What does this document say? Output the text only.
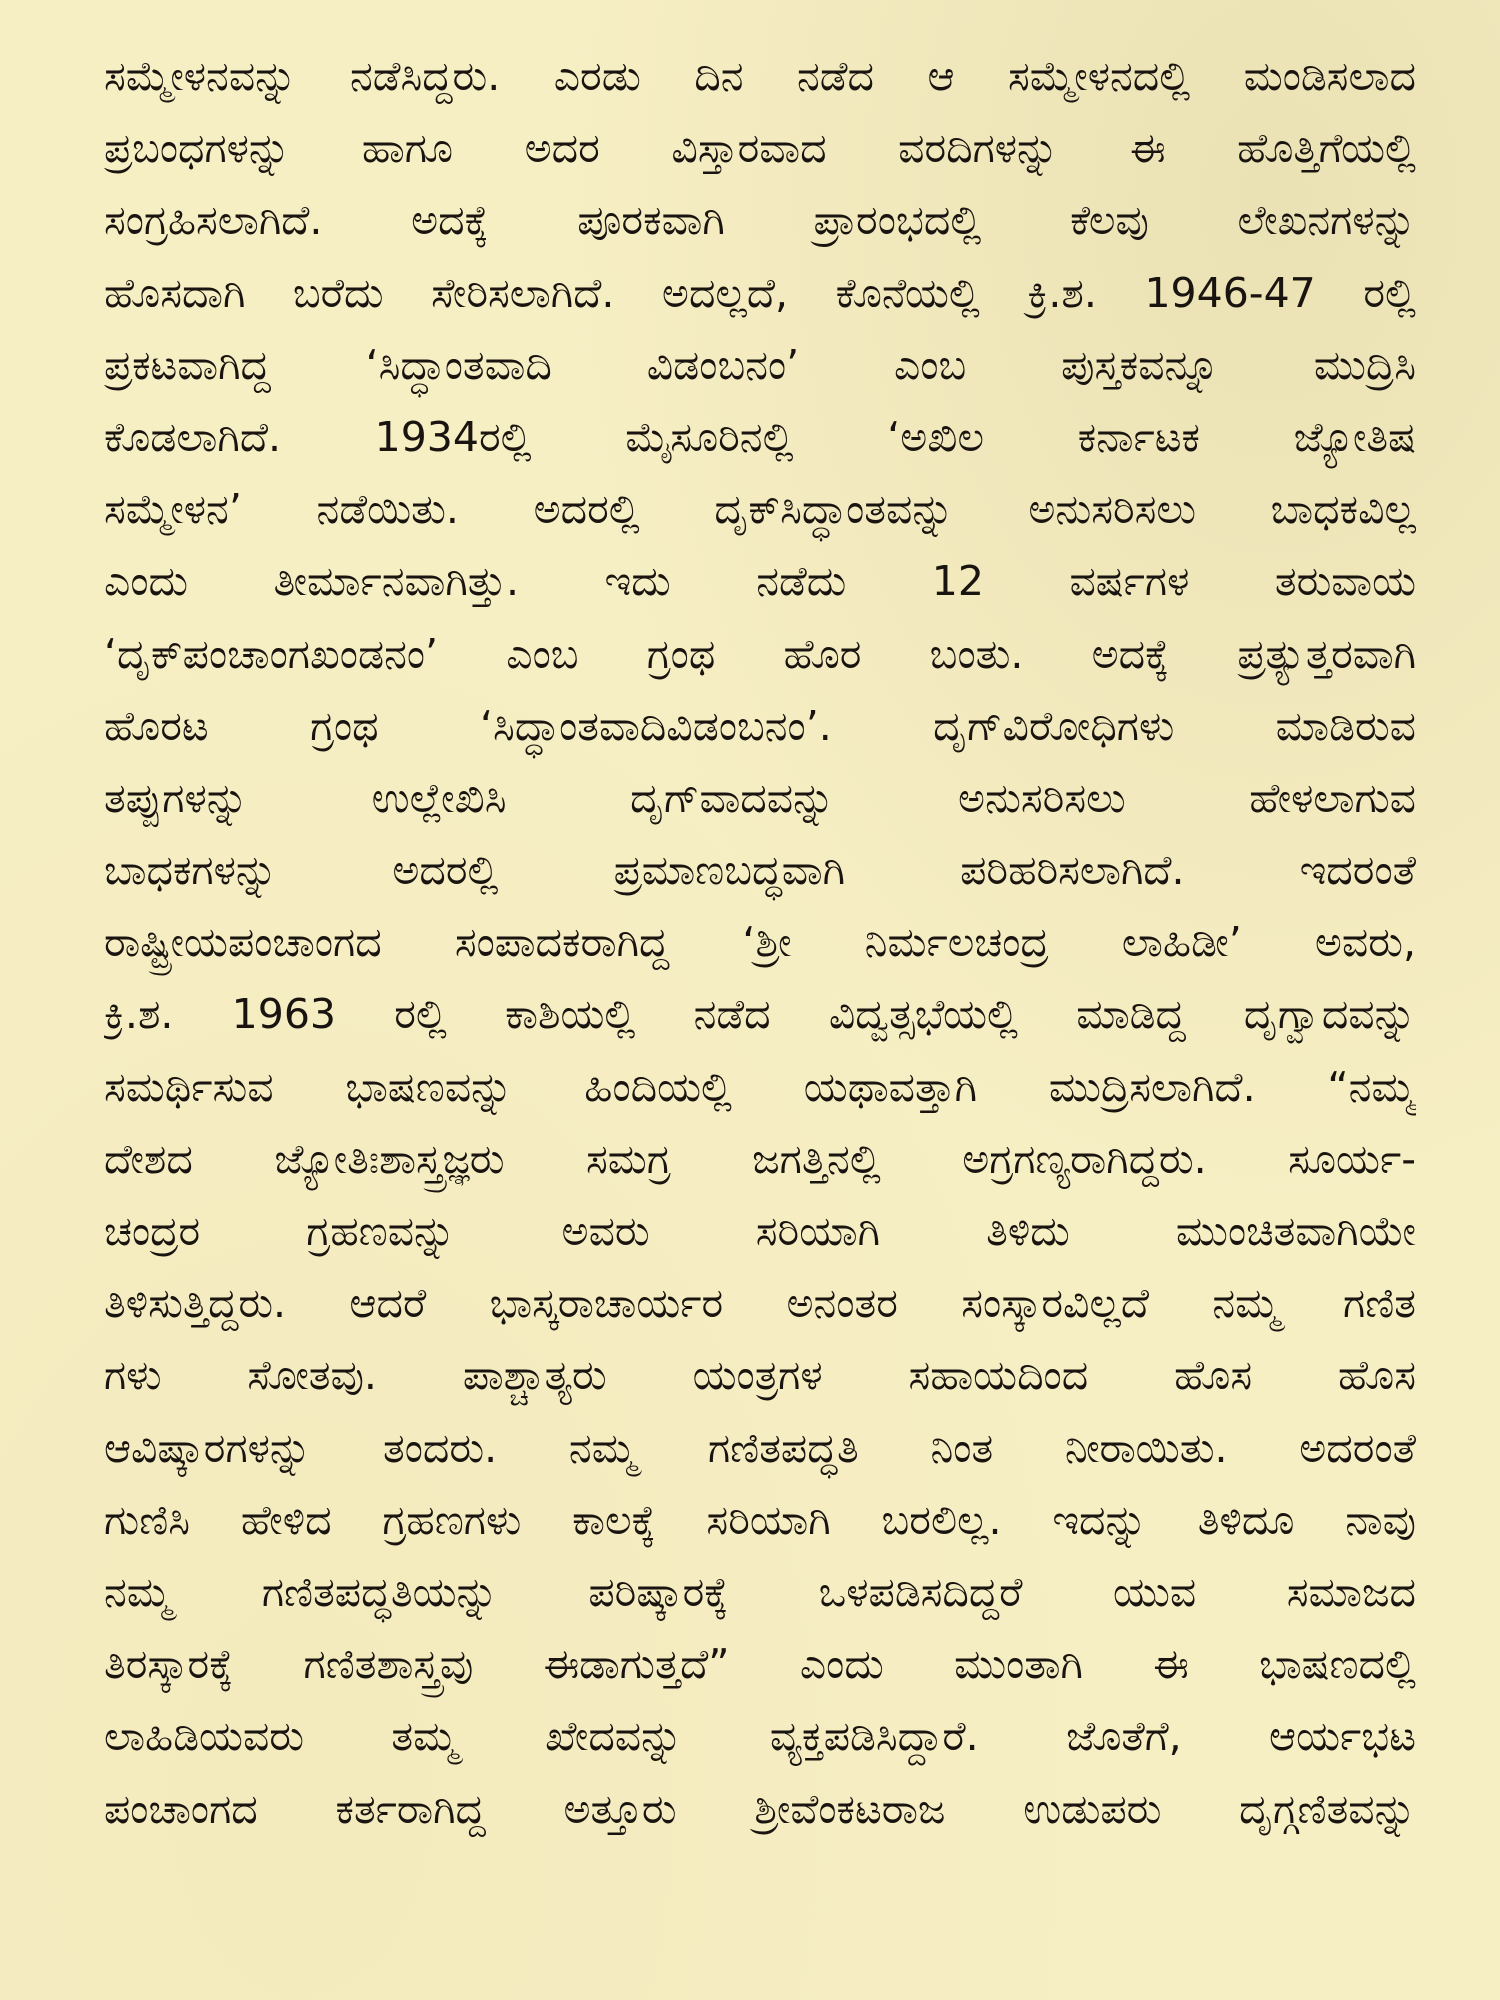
ಸಮ್ಮೇಳನವನ್ನು ನಡೆಸಿದ್ದರು. ಎರಡು ದಿನ ನಡೆದ ಆ ಸಮ್ಮೇಳನದಲ್ಲಿ ಮಂಡಿಸಲಾದ
ಪ್ರಬಂಧಗಳನ್ನು ಹಾಗೂ ಅದರ ವಿಸ್ತಾರವಾದ ವರದಿಗಳನ್ನು ಈ ಹೊತ್ತಿಗೆಯಲ್ಲಿ
ಸಂಗ್ರಹಿಸಲಾಗಿದೆ. ಅದಕ್ಕೆ ಪೂರಕವಾಗಿ ಪ್ರಾರಂಭದಲ್ಲಿ ಕೆಲವು ಲೇಖನಗಳನ್ನು
ಹೊಸದಾಗಿ ಬರೆದು ಸೇರಿಸಲಾಗಿದೆ. ಅದಲ್ಲದೆ, ಕೊನೆಯಲ್ಲಿ ಕ್ರಿ.ಶ. 1946-47 ರಲ್ಲಿ
ಪ್ರಕಟವಾಗಿದ್ದ ‘ಸಿದ್ಧಾಂತವಾದಿ ವಿಡಂಬನಂ’ ಎಂಬ ಪುಸ್ತಕವನ್ನೂ ಮುದ್ರಿಸಿ
ಕೊಡಲಾಗಿದೆ. 1934ರಲ್ಲಿ ಮೈಸೂರಿನಲ್ಲಿ ‘ಅಖಿಲ ಕರ್ನಾಟಕ ಜ್ಯೋತಿಷ
ಸಮ್ಮೇಳನ’ ನಡೆಯಿತು. ಅದರಲ್ಲಿ ದೃಕ್‌ಸಿದ್ಧಾಂತವನ್ನು ಅನುಸರಿಸಲು ಬಾಧಕವಿಲ್ಲ
ಎಂದು ತೀರ್ಮಾನವಾಗಿತ್ತು. ಇದು ನಡೆದು 12 ವರ್ಷಗಳ ತರುವಾಯ
‘ದೃಕ್‌ಪಂಚಾಂಗಖಂಡನಂ’ ಎಂಬ ಗ್ರಂಥ ಹೊರ ಬಂತು. ಅದಕ್ಕೆ ಪ್ರತ್ಯುತ್ತರವಾಗಿ
ಹೊರಟ ಗ್ರಂಥ ‘ಸಿದ್ಧಾಂತವಾದಿವಿಡಂಬನಂ’. ದೃಗ್‌ವಿರೋಧಿಗಳು ಮಾಡಿರುವ
ತಪ್ಪುಗಳನ್ನು ಉಲ್ಲೇಖಿಸಿ ದೃಗ್‌ವಾದವನ್ನು ಅನುಸರಿಸಲು ಹೇಳಲಾಗುವ
ಬಾಧಕಗಳನ್ನು ಅದರಲ್ಲಿ ಪ್ರಮಾಣಬದ್ಧವಾಗಿ ಪರಿಹರಿಸಲಾಗಿದೆ. ಇದರಂತೆ
ರಾಷ್ಟ್ರೀಯಪಂಚಾಂಗದ ಸಂಪಾದಕರಾಗಿದ್ದ ‘ಶ್ರೀ ನಿರ್ಮಲಚಂದ್ರ ಲಾಹಿಡೀ’ ಅವರು,
ಕ್ರಿ.ಶ. 1963 ರಲ್ಲಿ ಕಾಶಿಯಲ್ಲಿ ನಡೆದ ವಿದ್ವತ್ಸಭೆಯಲ್ಲಿ ಮಾಡಿದ್ದ ದೃಗ್ವಾದವನ್ನು
ಸಮರ್ಥಿಸುವ ಭಾಷಣವನ್ನು ಹಿಂದಿಯಲ್ಲಿ ಯಥಾವತ್ತಾಗಿ ಮುದ್ರಿಸಲಾಗಿದೆ. “ನಮ್ಮ
ದೇಶದ ಜ್ಯೋತಿಃಶಾಸ್ತ್ರಜ್ಞರು ಸಮಗ್ರ ಜಗತ್ತಿನಲ್ಲಿ ಅಗ್ರಗಣ್ಯರಾಗಿದ್ದರು. ಸೂರ್ಯ-
ಚಂದ್ರರ ಗ್ರಹಣವನ್ನು ಅವರು ಸರಿಯಾಗಿ ತಿಳಿದು ಮುಂಚಿತವಾಗಿಯೇ
ತಿಳಿಸುತ್ತಿದ್ದರು. ಆದರೆ ಭಾಸ್ಕರಾಚಾರ್ಯರ ಅನಂತರ ಸಂಸ್ಕಾರವಿಲ್ಲದೆ ನಮ್ಮ ಗಣಿತ
ಗಳು ಸೋತವು. ಪಾಶ್ಚಾತ್ಯರು ಯಂತ್ರಗಳ ಸಹಾಯದಿಂದ ಹೊಸ ಹೊಸ
ಆವಿಷ್ಕಾರಗಳನ್ನು ತಂದರು. ನಮ್ಮ ಗಣಿತಪದ್ಧತಿ ನಿಂತ ನೀರಾಯಿತು. ಅದರಂತೆ
ಗುಣಿಸಿ ಹೇಳಿದ ಗ್ರಹಣಗಳು ಕಾಲಕ್ಕೆ ಸರಿಯಾಗಿ ಬರಲಿಲ್ಲ. ಇದನ್ನು ತಿಳಿದೂ ನಾವು
ನಮ್ಮ ಗಣಿತಪದ್ಧತಿಯನ್ನು ಪರಿಷ್ಕಾರಕ್ಕೆ ಒಳಪಡಿಸದಿದ್ದರೆ ಯುವ ಸಮಾಜದ
ತಿರಸ್ಕಾರಕ್ಕೆ ಗಣಿತಶಾಸ್ತ್ರವು ಈಡಾಗುತ್ತದೆ” ಎಂದು ಮುಂತಾಗಿ ಈ ಭಾಷಣದಲ್ಲಿ
ಲಾಹಿಡಿಯವರು ತಮ್ಮ ಖೇದವನ್ನು ವ್ಯಕ್ತಪಡಿಸಿದ್ದಾರೆ. ಜೊತೆಗೆ, ಆರ್ಯಭಟ
ಪಂಚಾಂಗದ ಕರ್ತರಾಗಿದ್ದ ಅತ್ತೂರು ಶ್ರೀವೆಂಕಟರಾಜ ಉಡುಪರು ದೃಗ್ಗಣಿತವನ್ನು
